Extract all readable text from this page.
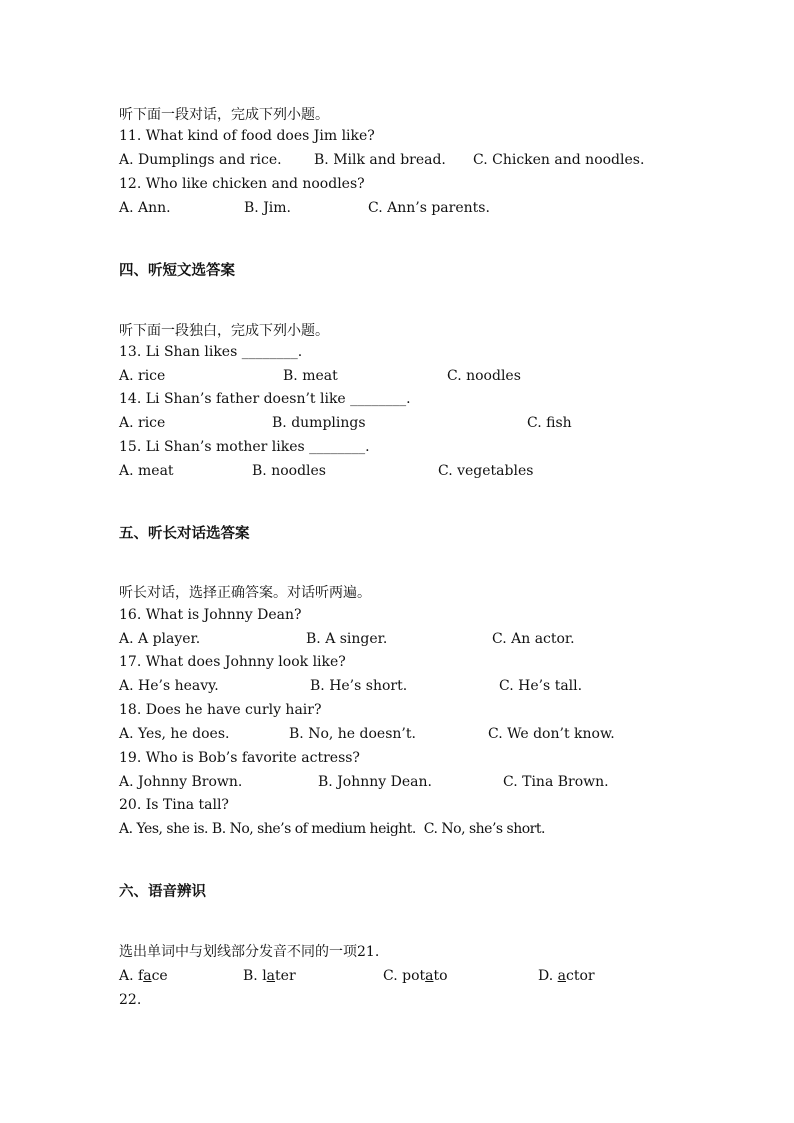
听下面一段对话，完成下列小题。
11. What kind of food does Jim like?
A. Dumplings and rice. B. Milk and bread. C. Chicken and noodles.
12. Who like chicken and noodles?
A. Ann.	B. Jim.	C. Ann’s parents.
四、听短文选答案
听下面一段独白，完成下列小题。
13. Li Shan likes ________.
A. rice	B. meat	C. noodles
14. Li Shan’s father doesn’t like ________.
A. rice	B. dumplings	C. fish
15. Li Shan’s mother likes ________.
A. meat	B. noodles	C. vegetables
五、听长对话选答案
听长对话，选择正确答案。对话听两遍。
16. What is Johnny Dean?
A. A player.	B. A singer.	C. An actor.
17. What does Johnny look like?
A. He’s heavy.	B. He’s short.	C. He’s tall.
18. Does he have curly hair?
A. Yes, he does.	B. No, he doesn’t.	C. We don’t know.
19. Who is Bob’s favorite actress?
A. Johnny Brown.	B. Johnny Dean.	C. Tina Brown.
20. Is Tina tall?
A. Yes, she is. B. No, she’s of medium height.  C. No, she’s short.
六、语音辨识
选出单词中与划线部分发音不同的一项21.
A. face	B. later	C. potato	D. actor
22.
